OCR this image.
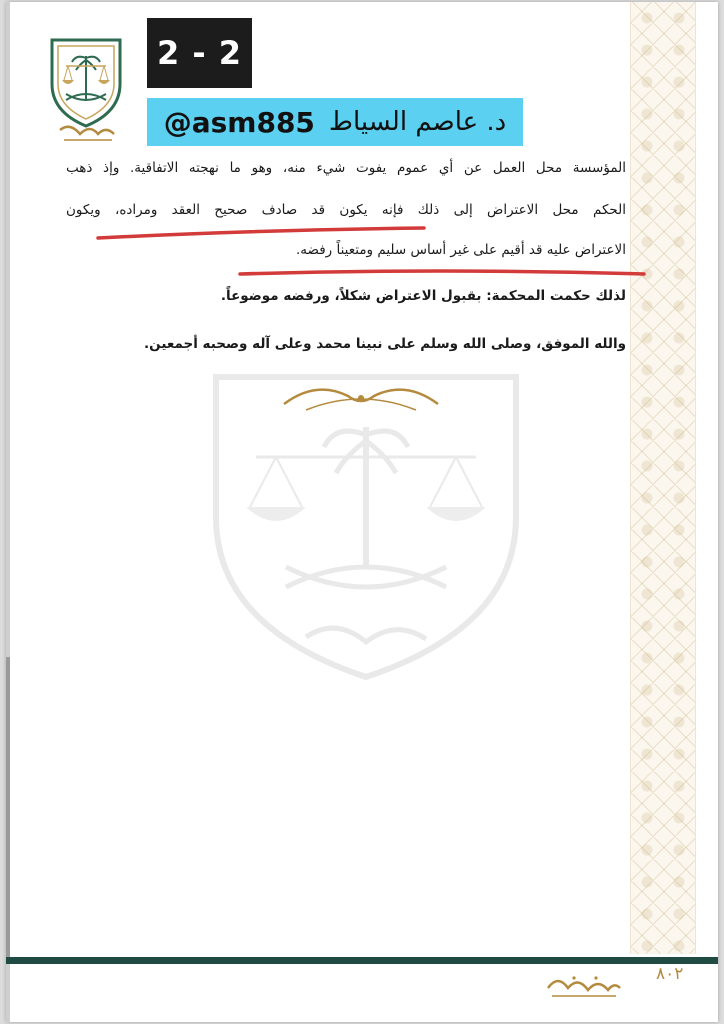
2 - 2
@asm885 د. عاصم السياط
المؤسسة محل العمل عن أي عموم يفوت شيء منه، وهو ما نهجته الاتفاقية. وإذ ذهب
الحكم محل الاعتراض إلى ذلك فإنه يكون قد صادف صحيح العقد ومراده، ويكون
الاعتراض عليه قد أقيم على غير أساس سليم ومتعيناً رفضه.
لذلك حكمت المحكمة: بقبول الاعتراض شكلاً، ورفضه موضوعاً.
والله الموفق، وصلى الله وسلم على نبينا محمد وعلى آله وصحبه أجمعين.
٨٠٢
